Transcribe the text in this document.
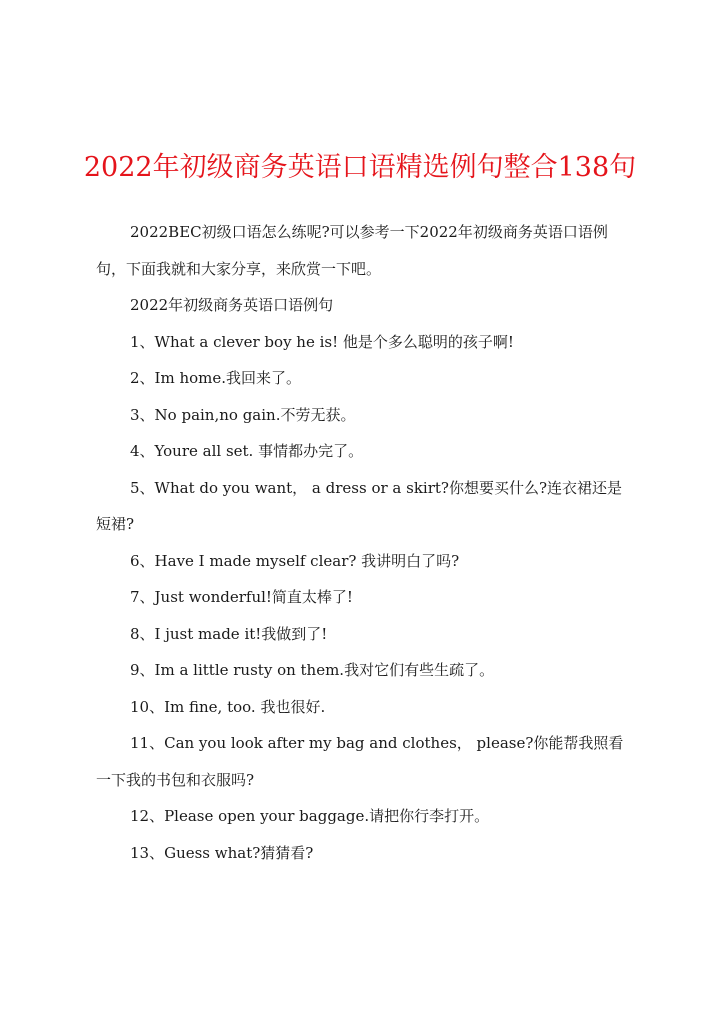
2022年初级商务英语口语精选例句整合138句

2022BEC初级口语怎么练呢?可以参考一下2022年初级商务英语口语例句，下面我就和大家分享，来欣赏一下吧。

2022年初级商务英语口语例句

1、What a clever boy he is! 他是个多么聪明的孩子啊!

2、Im home.我回来了。

3、No pain,no gain.不劳无获。

4、Youre all set. 事情都办完了。

5、What do you want， a dress or a skirt?你想要买什么?连衣裙还是短裙?

6、Have I made myself clear? 我讲明白了吗?

7、Just wonderful!简直太棒了!

8、I just made it!我做到了!

9、Im a little rusty on them.我对它们有些生疏了。

10、Im fine, too. 我也很好.

11、Can you look after my bag and clothes， please?你能帮我照看一下我的书包和衣服吗?

12、Please open your baggage.请把你行李打开。

13、Guess what?猜猜看?
